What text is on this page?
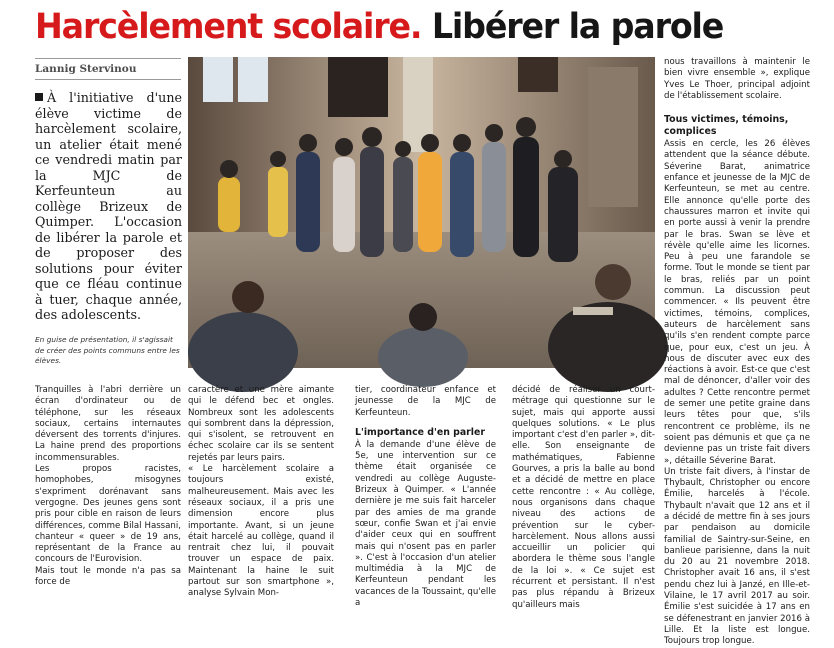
Harcèlement scolaire. Libérer la parole
Lannig Stervinou
À l'initiative d'une élève victime de harcèlement scolaire, un atelier était mené ce vendredi matin par la MJC de Kerfeunteun au collège Brizeux de Quimper. L'occasion de libérer la parole et de proposer des solutions pour éviter que ce fléau continue à tuer, chaque année, des adolescents.
En guise de présentation, il s'agissait de créer des points communs entre les élèves.

Tranquilles à l'abri derrière un écran d'ordinateur ou de téléphone, sur les réseaux sociaux, certains internautes déversent des torrents d'injures. La haine prend des proportions incommensurables.

Les propos racistes, homophobes, misogynes s'expriment dorénavant sans vergogne. Des jeunes gens sont pris pour cible en raison de leurs différences, comme Bilal Hassani, chanteur « queer » de 19 ans, représentant de la France au concours de l'Eurovision.

Mais tout le monde n'a pas sa force de

caractère et une mère aimante qui le défend bec et ongles. Nombreux sont les adolescents qui sombrent dans la dépression, qui s'isolent, se retrouvent en échec scolaire car ils se sentent rejetés par leurs pairs.

« Le harcèlement scolaire a toujours existé, malheureusement. Mais avec les réseaux sociaux, il a pris une dimension encore plus importante. Avant, si un jeune était harcelé au collège, quand il rentrait chez lui, il pouvait trouver un espace de paix. Maintenant la haine le suit partout sur son smartphone », analyse Sylvain Mon-

tier, coordinateur enfance et jeunesse de la MJC de Kerfeunteun.

L'importance d'en parler

À la demande d'une élève de 5e, une intervention sur ce thème était organisée ce vendredi au collège Auguste-Brizeux à Quimper. « L'année dernière je me suis fait harceler par des amies de ma grande sœur, confie Swan et j'ai envie d'aider ceux qui en souffrent mais qui n'osent pas en parler ». C'est à l'occasion d'un atelier multimédia à la MJC de Kerfeunteun pendant les vacances de la Toussaint, qu'elle a

décidé de réaliser un court-métrage qui questionne sur le sujet, mais qui apporte aussi quelques solutions. « Le plus important c'est d'en parler », dit-elle. Son enseignante de mathématiques, Fabienne Gourves, a pris la balle au bond et a décidé de mettre en place cette rencontre : « Au collège, nous organisons dans chaque niveau des actions de prévention sur le cyber-harcèlement. Nous allons aussi accueillir un policier qui abordera le thème sous l'angle de la loi ». « Ce sujet est récurrent et persistant. Il n'est pas plus répandu à Brizeux qu'ailleurs mais

nous travaillons à maintenir le bien vivre ensemble », explique Yves Le Thoer, principal adjoint de l'établissement scolaire.

Tous victimes, témoins, complices

Assis en cercle, les 26 élèves attendent que la séance débute. Séverine Barat, animatrice enfance et jeunesse de la MJC de Kerfeunteun, se met au centre. Elle annonce qu'elle porte des chaussures marron et invite qui en porte aussi à venir la prendre par le bras. Swan se lève et révèle qu'elle aime les licornes. Peu à peu une farandole se forme. Tout le monde se tient par le bras, reliés par un point commun. La discussion peut commencer. « Ils peuvent être victimes, témoins, complices, auteurs de harcèlement sans qu'ils s'en rendent compte parce que, pour eux, c'est un jeu. À nous de discuter avec eux des réactions à avoir. Est-ce que c'est mal de dénoncer, d'aller voir des adultes ? Cette rencontre permet de semer une petite graine dans leurs têtes pour que, s'ils rencontrent ce problème, ils ne soient pas démunis et que ça ne devienne pas un triste fait divers », détaille Séverine Barat.

Un triste fait divers, à l'instar de Thybault, Christopher ou encore Émilie, harcelés à l'école. Thybault n'avait que 12 ans et il a décidé de mettre fin à ses jours par pendaison au domicile familial de Saintry-sur-Seine, en banlieue parisienne, dans la nuit du 20 au 21 novembre 2018. Christopher avait 16 ans, il s'est pendu chez lui à Janzé, en Ille-et-Vilaine, le 17 avril 2017 au soir. Émilie s'est suicidée à 17 ans en se défenestrant en janvier 2016 à Lille. Et la liste est longue. Toujours trop longue.
